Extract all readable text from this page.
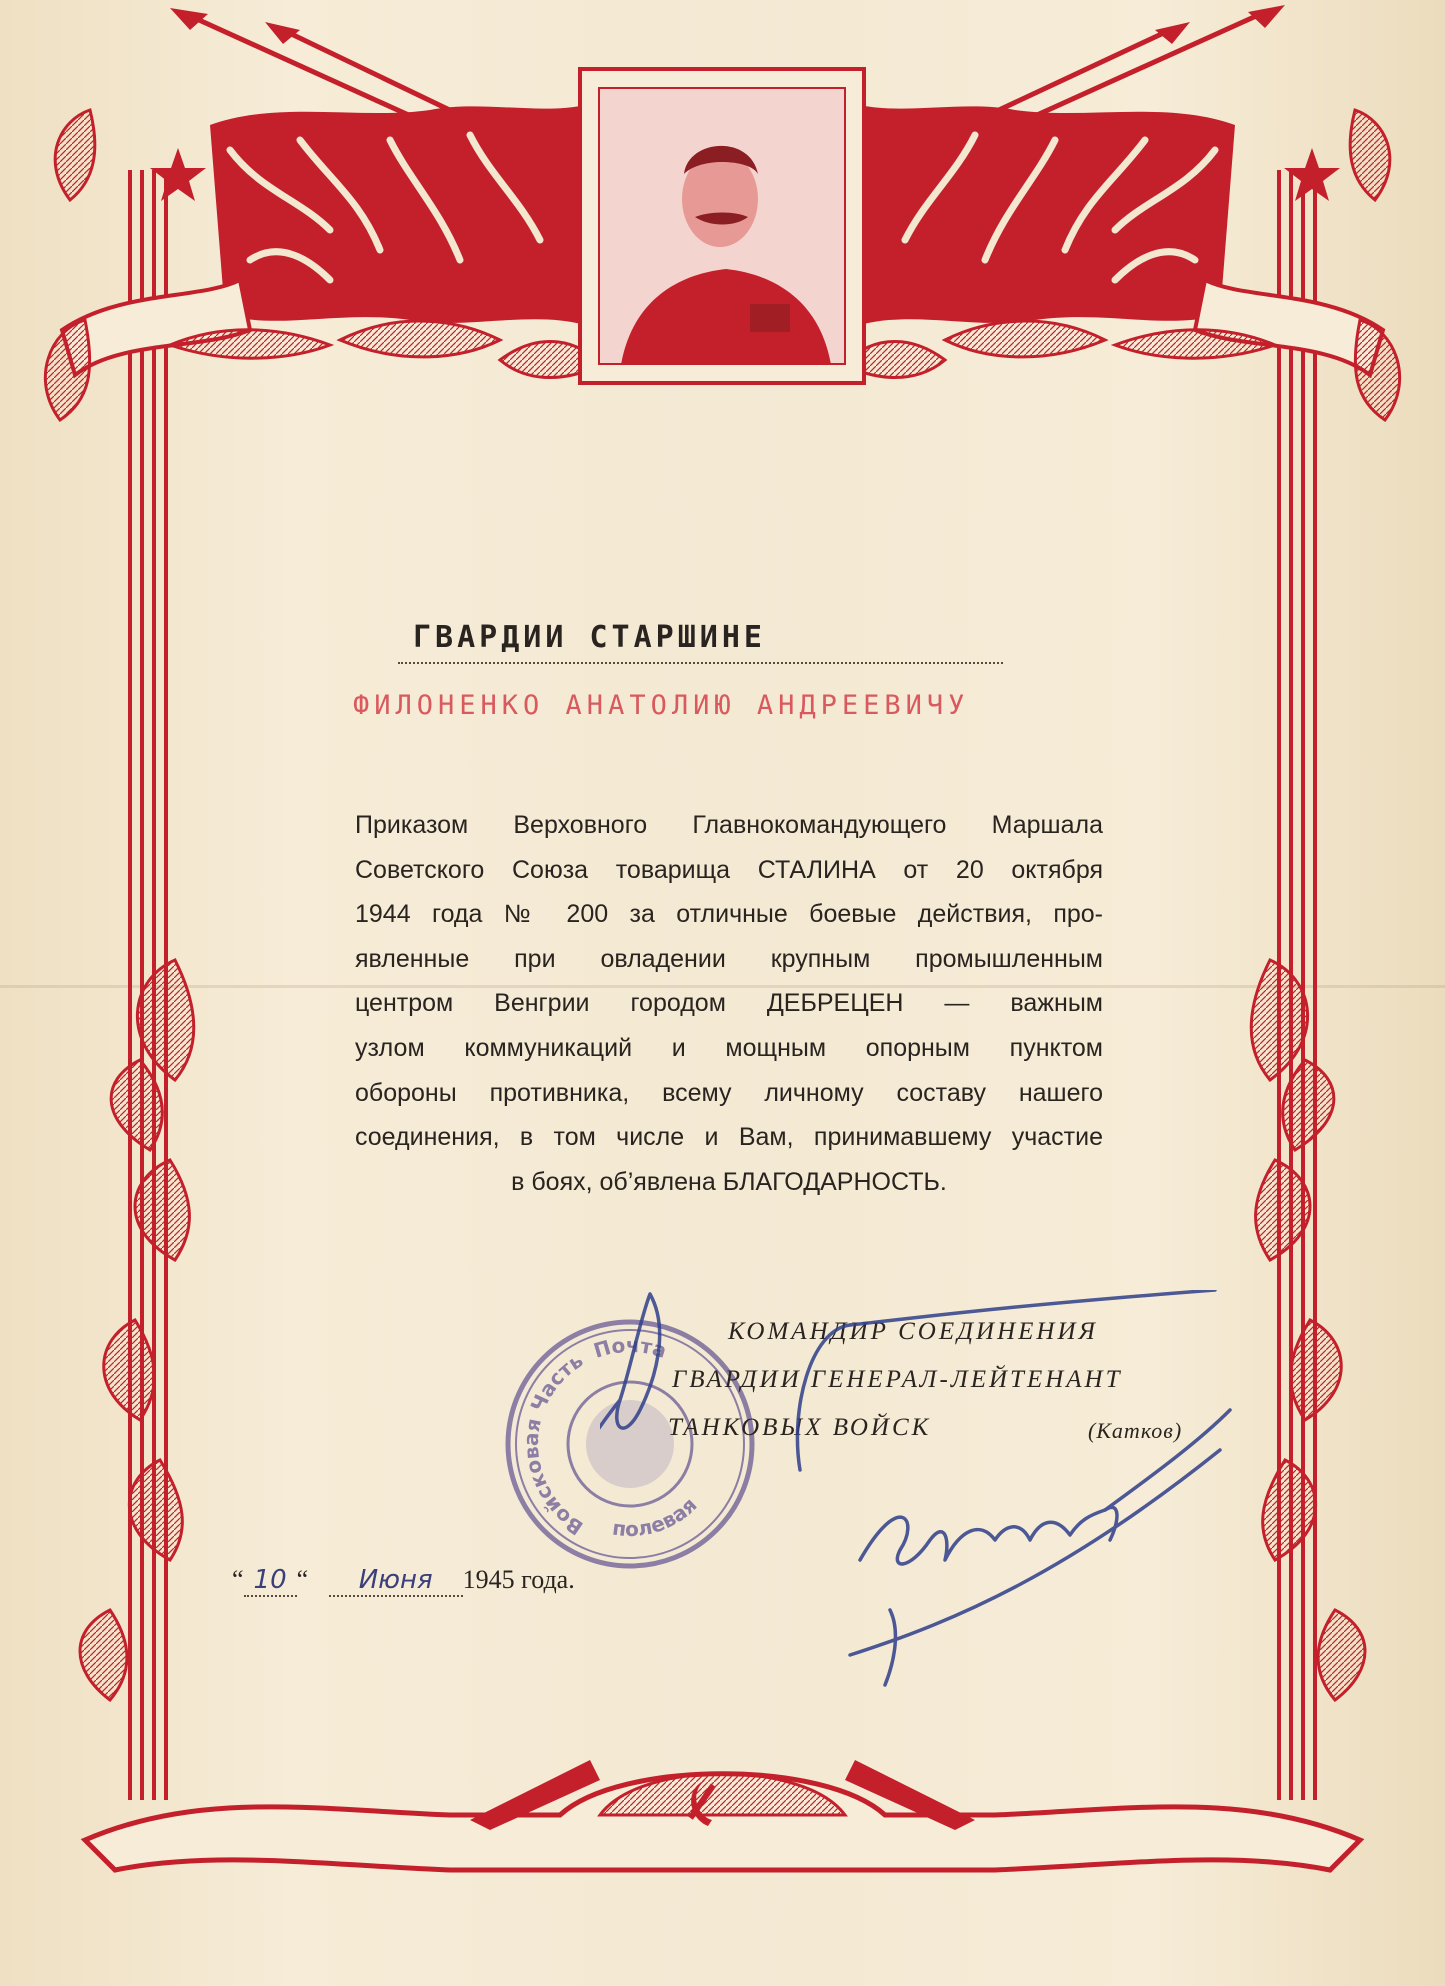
ГВАРДИИ СТАРШИНЕ
ФИЛОНЕНКО АНАТОЛИЮ АНДРЕЕВИЧУ
Приказом Верховного Главнокомандующего Маршала
Советского Союза товарища СТАЛИНА от 20 октября
1944 года № 200 за отличные боевые действия, про-
явленные при овладении крупным промышленным
центром Венгрии городом ДЕБРЕЦЕН — важным
узлом коммуникаций и мощным опорным пунктом
обороны противника, всему личному составу нашего
соединения, в том числе и Вам, принимавшему участие
в боях, об’явлена БЛАГОДАРНОСТЬ.
Почта
Войсковая Часть
полевая
КОМАНДИР СОЕДИНЕНИЯ
ГВАРДИИ ГЕНЕРАЛ-ЛЕЙТЕНАНТ
ТАНКОВЫХ ВОЙСК	(Катков)
“ 10 “ Июня 1945 года.
